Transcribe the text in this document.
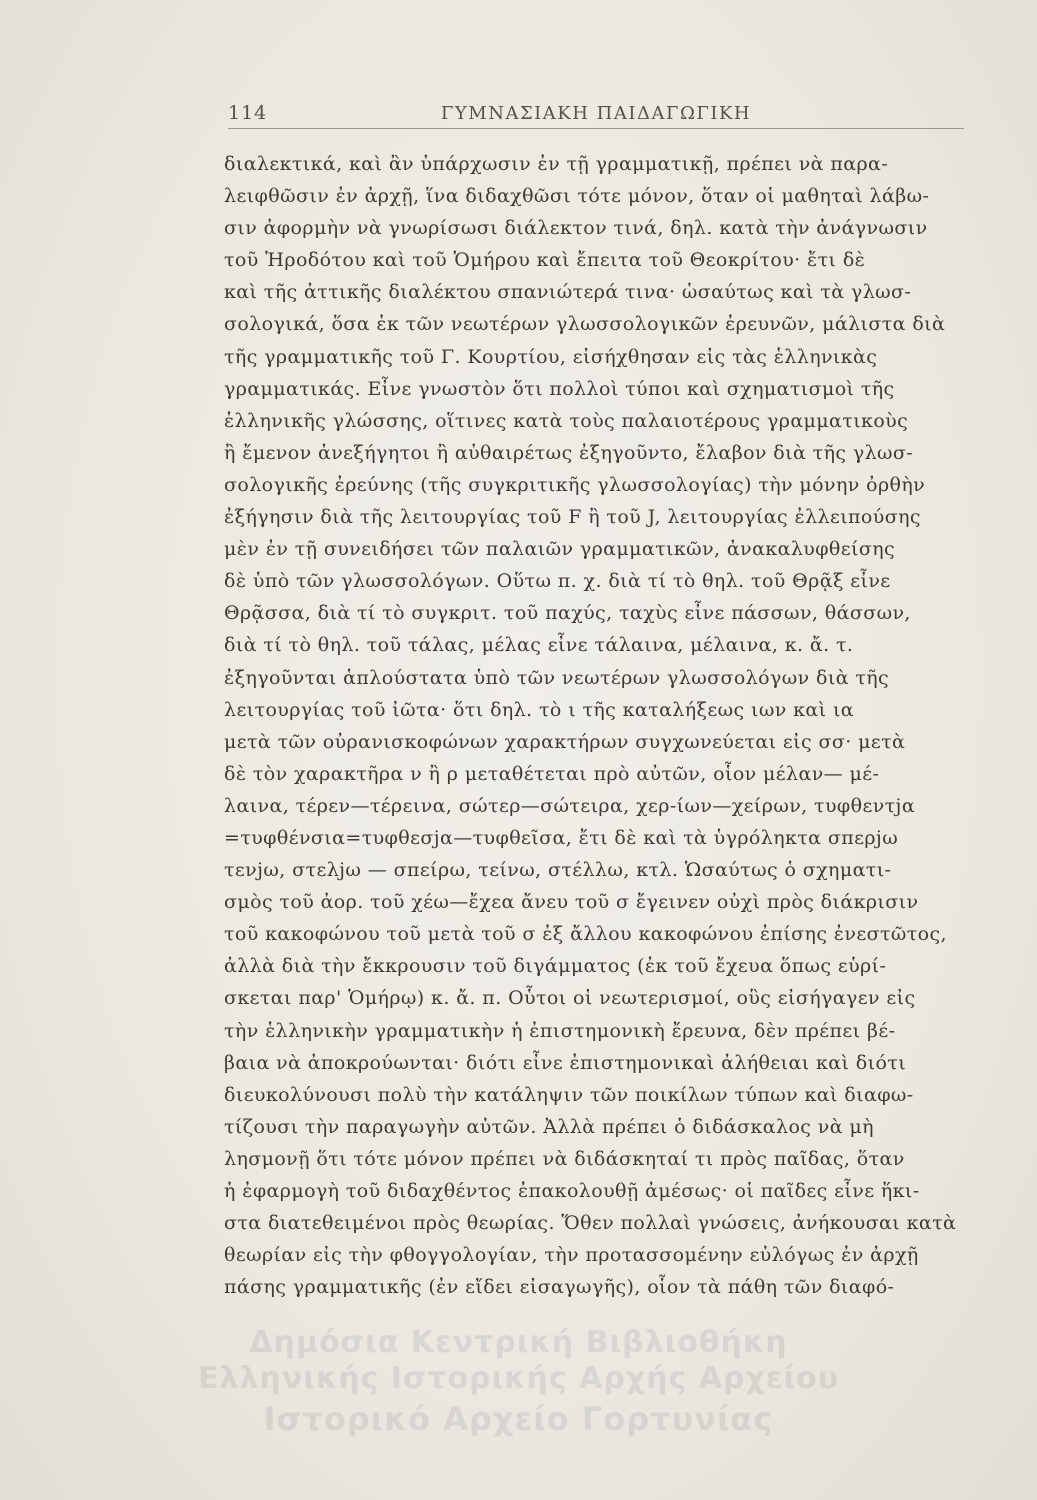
114	ΓΥΜΝΑΣΙΑΚΗ ΠΑΙΔΑΓΩΓΙΚΗ
διαλεκτικά, καὶ ἂν ὑπάρχωσιν ἐν τῇ γραμματικῇ, πρέπει νὰ παρα-
λειφθῶσιν ἐν ἀρχῇ, ἵνα διδαχθῶσι τότε μόνον, ὅταν οἱ μαθηταὶ λάβω-
σιν ἀφορμὴν νὰ γνωρίσωσι διάλεκτον τινά, δηλ. κατὰ τὴν ἀνάγνωσιν
τοῦ Ἡροδότου καὶ τοῦ Ὁμήρου καὶ ἔπειτα τοῦ Θεοκρίτου· ἔτι δὲ
καὶ τῆς ἀττικῆς διαλέκτου σπανιώτερά τινα· ὡσαύτως καὶ τὰ γλωσ-
σολογικά, ὅσα ἐκ τῶν νεωτέρων γλωσσολογικῶν ἐρευνῶν, μάλιστα διὰ
τῆς γραμματικῆς τοῦ Γ. Κουρτίου, εἰσήχθησαν εἰς τὰς ἑλληνικὰς
γραμματικάς. Εἶνε γνωστὸν ὅτι πολλοὶ τύποι καὶ σχηματισμοὶ τῆς
ἑλληνικῆς γλώσσης, οἵτινες κατὰ τοὺς παλαιοτέρους γραμματικοὺς
ἢ ἔμενον ἀνεξήγητοι ἢ αὐθαιρέτως ἐξηγοῦντο, ἔλαβον διὰ τῆς γλωσ-
σολογικῆς ἐρεύνης (τῆς συγκριτικῆς γλωσσολογίας) τὴν μόνην ὀρθὴν
ἐξήγησιν διὰ τῆς λειτουργίας τοῦ F ἢ τοῦ J, λειτουργίας ἐλλειπούσης
μὲν ἐν τῇ συνειδήσει τῶν παλαιῶν γραμματικῶν, ἀνακαλυφθείσης
δὲ ὑπὸ τῶν γλωσσολόγων. Οὕτω π. χ. διὰ τί τὸ θηλ. τοῦ Θρᾷξ εἶνε
Θρᾷσσα, διὰ τί τὸ συγκριτ. τοῦ παχύς, ταχὺς εἶνε πάσσων, θάσσων,
διὰ τί τὸ θηλ. τοῦ τάλας, μέλας εἶνε τάλαινα, μέλαινα, κ. ἄ. τ.
ἐξηγοῦνται ἁπλούστατα ὑπὸ τῶν νεωτέρων γλωσσολόγων διὰ τῆς
λειτουργίας τοῦ ἰῶτα· ὅτι δηλ. τὸ ι τῆς καταλήξεως ιων καὶ ια
μετὰ τῶν οὐρανισκοφώνων χαρακτήρων συγχωνεύεται εἰς σσ· μετὰ
δὲ τὸν χαρακτῆρα ν ἢ ρ μεταθέτεται πρὸ αὐτῶν, οἷον μέλαν— μέ-
λαινα, τέρεν—τέρεινα, σώτερ—σώτειρα, χερ-ίων—χείρων, τυφθεντjα
=τυφθένσια=τυφθεσjα—τυφθεῖσα, ἔτι δὲ καὶ τὰ ὑγρόληκτα σπερjω
τενjω, στελjω — σπείρω, τείνω, στέλλω, κτλ. Ὡσαύτως ὁ σχηματι-
σμὸς τοῦ ἀορ. τοῦ χέω—ἔχεα ἄνευ τοῦ σ ἔγεινεν οὐχὶ πρὸς διάκρισιν
τοῦ κακοφώνου τοῦ μετὰ τοῦ σ ἐξ ἄλλου κακοφώνου ἐπίσης ἐνεστῶτος,
ἀλλὰ διὰ τὴν ἔκκρουσιν τοῦ διγάμματος (ἐκ τοῦ ἔχευα ὅπως εὑρί-
σκεται παρ' Ὁμήρῳ) κ. ἄ. π. Οὗτοι οἱ νεωτερισμοί, οὓς εἰσήγαγεν εἰς
τὴν ἑλληνικὴν γραμματικὴν ἡ ἐπιστημονικὴ ἔρευνα, δὲν πρέπει βέ-
βαια νὰ ἀποκρούωνται· διότι εἶνε ἐπιστημονικαὶ ἀλήθειαι καὶ διότι
διευκολύνουσι πολὺ τὴν κατάληψιν τῶν ποικίλων τύπων καὶ διαφω-
τίζουσι τὴν παραγωγὴν αὐτῶν. Ἀλλὰ πρέπει ὁ διδάσκαλος νὰ μὴ
λησμονῇ ὅτι τότε μόνον πρέπει νὰ διδάσκηταί τι πρὸς παῖδας, ὅταν
ἡ ἐφαρμογὴ τοῦ διδαχθέντος ἐπακολουθῇ ἀμέσως· οἱ παῖδες εἶνε ἥκι-
στα διατεθειμένοι πρὸς θεωρίας. Ὅθεν πολλαὶ γνώσεις, ἀνήκουσαι κατὰ
θεωρίαν εἰς τὴν φθογγολογίαν, τὴν προτασσομένην εὐλόγως ἐν ἀρχῇ
πάσης γραμματικῆς (ἐν εἴδει εἰσαγωγῆς), οἷον τὰ πάθη τῶν διαφό-
Δημόσια Κεντρική Βιβλιοθήκη
Ελληνικής Ιστορικής Αρχής Αρχείου
Ιστορικό Αρχείο Γορτυνίας
